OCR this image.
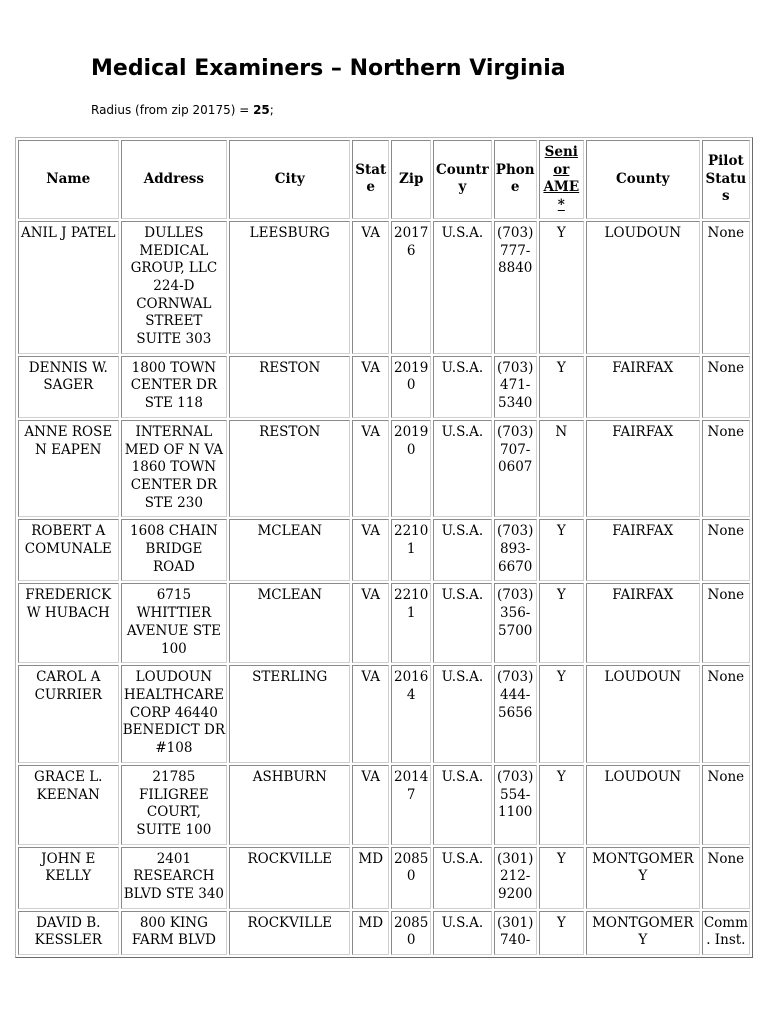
Medical Examiners – Northern Virginia

Radius (from zip 20175) = 25;

Name	Address	City	State	Zip	Country	Phone	Senior AME*	County	Pilot Status
ANIL J PATEL	DULLES MEDICAL GROUP, LLC 224-D CORNWAL STREET SUITE 303	LEESBURG	VA	20176	U.S.A.	(703) 777-8840	Y	LOUDOUN	None
DENNIS W. SAGER	1800 TOWN CENTER DR STE 118	RESTON	VA	20190	U.S.A.	(703) 471-5340	Y	FAIRFAX	None
ANNE ROSE N EAPEN	INTERNAL MED OF N VA 1860 TOWN CENTER DR STE 230	RESTON	VA	20190	U.S.A.	(703) 707-0607	N	FAIRFAX	None
ROBERT A COMUNALE	1608 CHAIN BRIDGE ROAD	MCLEAN	VA	22101	U.S.A.	(703) 893-6670	Y	FAIRFAX	None
FREDERICK W HUBACH	6715 WHITTIER AVENUE STE 100	MCLEAN	VA	22101	U.S.A.	(703) 356-5700	Y	FAIRFAX	None
CAROL A CURRIER	LOUDOUN HEALTHCARE CORP 46440 BENEDICT DR #108	STERLING	VA	20164	U.S.A.	(703) 444-5656	Y	LOUDOUN	None
GRACE L. KEENAN	21785 FILIGREE COURT, SUITE 100	ASHBURN	VA	20147	U.S.A.	(703) 554-1100	Y	LOUDOUN	None
JOHN E KELLY	2401 RESEARCH BLVD STE 340	ROCKVILLE	MD	20850	U.S.A.	(301) 212-9200	Y	MONTGOMERY	None
DAVID B. KESSLER	800 KING FARM BLVD	ROCKVILLE	MD	20850	U.S.A.	(301) 740-	Y	MONTGOMERY	Comm. Inst.
